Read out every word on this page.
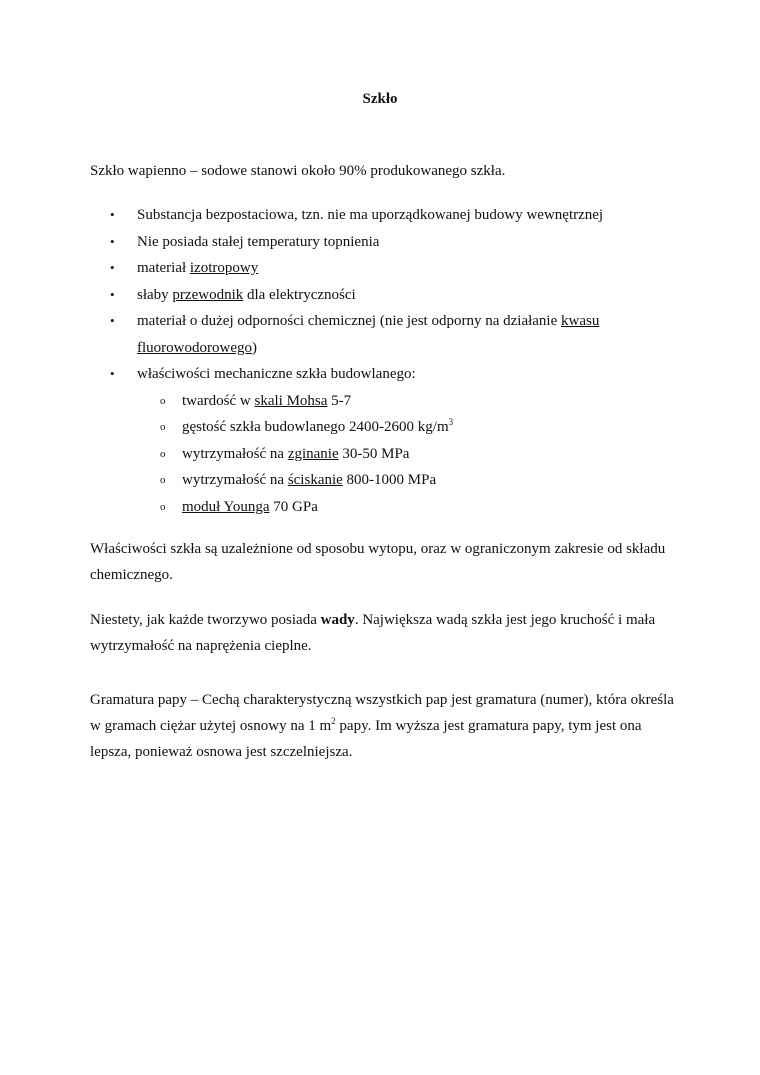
Szkło

Szkło wapienno – sodowe stanowi około 90% produkowanego szkła.

• Substancja bezpostaciowa, tzn. nie ma uporządkowanej budowy wewnętrznej
• Nie posiada stałej temperatury topnienia
• materiał izotropowy
• słaby przewodnik dla elektryczności
• materiał o dużej odporności chemicznej (nie jest odporny na działanie kwasu fluorowodorowego)
• właściwości mechaniczne szkła budowlanego:
o twardość w skali Mohsa 5-7
o gęstość szkła budowlanego 2400-2600 $kg/m^3$
o wytrzymałość na zginanie 30-50 MPa
o wytrzymałość na ściskanie 800-1000 MPa
o moduł Younga 70 GPa

Właściwości szkła są uzależnione od sposobu wytopu, oraz w ograniczonym zakresie od składu chemicznego.

Niestety, jak każde tworzywo posiada wady. Największa wadą szkła jest jego kruchość i mała wytrzymałość na naprężenia cieplne.

Gramatura papy – Cechą charakterystyczną wszystkich pap jest gramatura (numer), która określa w gramach ciężar użytej osnowy na 1 $m^2$ papy. Im wyższa jest gramatura papy, tym jest ona lepsza, ponieważ osnowa jest szczelniejsza.
